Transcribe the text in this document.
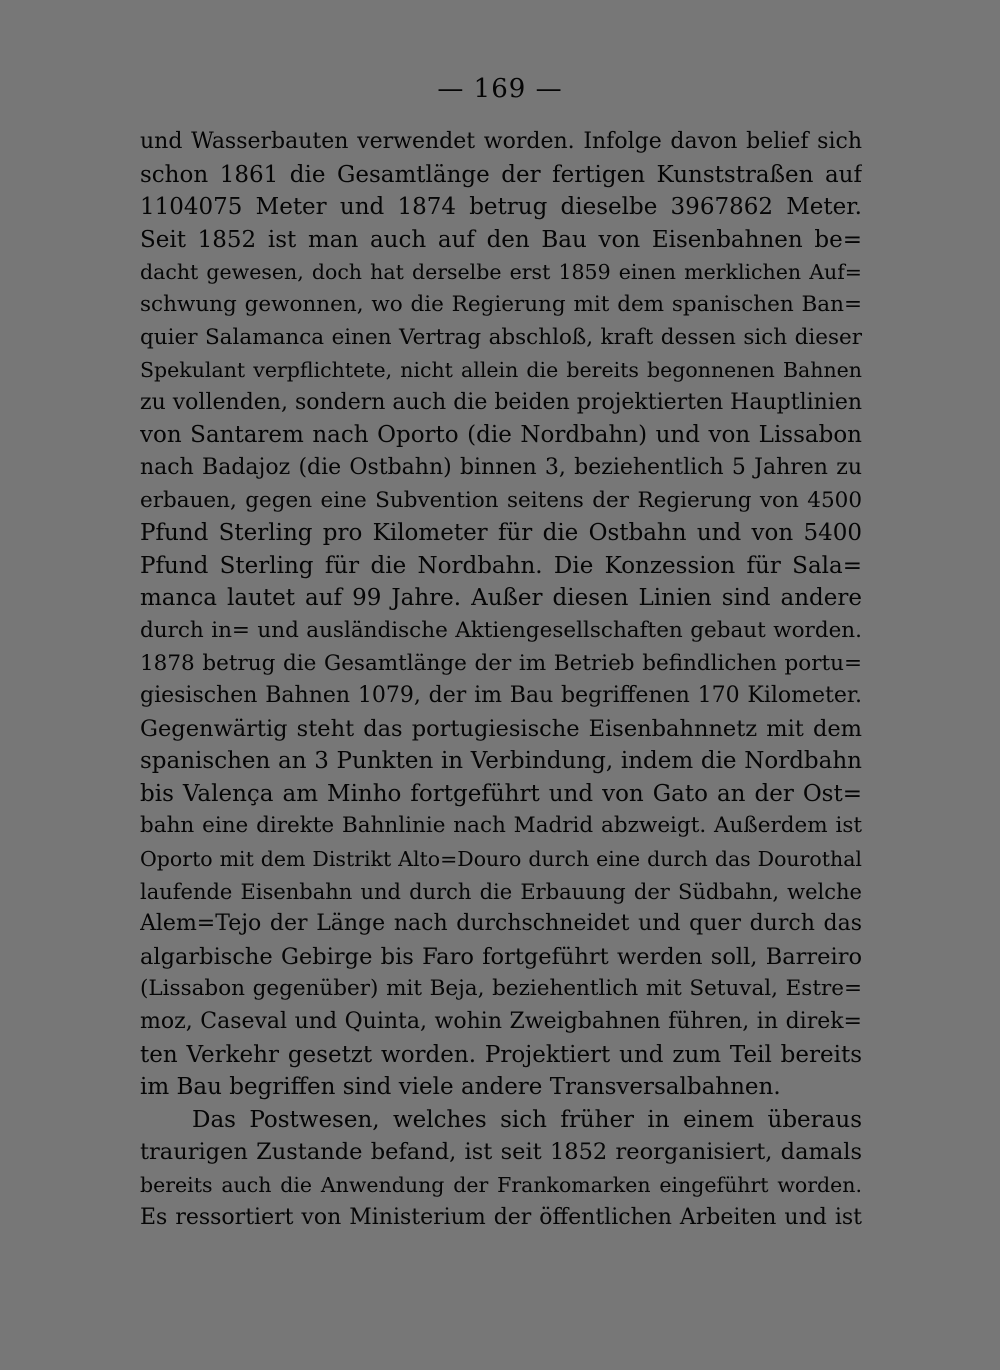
— 169 —
und Wasserbauten verwendet worden. Infolge davon belief sich
schon 1861 die Gesamtlänge der fertigen Kunststraßen auf
1104075 Meter und 1874 betrug dieselbe 3967862 Meter.
Seit 1852 ist man auch auf den Bau von Eisenbahnen be=
dacht gewesen, doch hat derselbe erst 1859 einen merklichen Auf=
schwung gewonnen, wo die Regierung mit dem spanischen Ban=
quier Salamanca einen Vertrag abschloß, kraft dessen sich dieser
Spekulant verpflichtete, nicht allein die bereits begonnenen Bahnen
zu vollenden, sondern auch die beiden projektierten Hauptlinien
von Santarem nach Oporto (die Nordbahn) und von Lissabon
nach Badajoz (die Ostbahn) binnen 3, beziehentlich 5 Jahren zu
erbauen, gegen eine Subvention seitens der Regierung von 4500
Pfund Sterling pro Kilometer für die Ostbahn und von 5400
Pfund Sterling für die Nordbahn. Die Konzession für Sala=
manca lautet auf 99 Jahre. Außer diesen Linien sind andere
durch in= und ausländische Aktiengesellschaften gebaut worden.
1878 betrug die Gesamtlänge der im Betrieb befindlichen portu=
giesischen Bahnen 1079, der im Bau begriffenen 170 Kilometer.
Gegenwärtig steht das portugiesische Eisenbahnnetz mit dem
spanischen an 3 Punkten in Verbindung, indem die Nordbahn
bis Valença am Minho fortgeführt und von Gato an der Ost=
bahn eine direkte Bahnlinie nach Madrid abzweigt. Außerdem ist
Oporto mit dem Distrikt Alto=Douro durch eine durch das Dourothal
laufende Eisenbahn und durch die Erbauung der Südbahn, welche
Alem=Tejo der Länge nach durchschneidet und quer durch das
algarbische Gebirge bis Faro fortgeführt werden soll, Barreiro
(Lissabon gegenüber) mit Beja, beziehentlich mit Setuval, Estre=
moz, Caseval und Quinta, wohin Zweigbahnen führen, in direk=
ten Verkehr gesetzt worden. Projektiert und zum Teil bereits
im Bau begriffen sind viele andere Transversalbahnen.
Das Postwesen, welches sich früher in einem überaus
traurigen Zustande befand, ist seit 1852 reorganisiert, damals
bereits auch die Anwendung der Frankomarken eingeführt worden.
Es ressortiert von Ministerium der öffentlichen Arbeiten und ist
